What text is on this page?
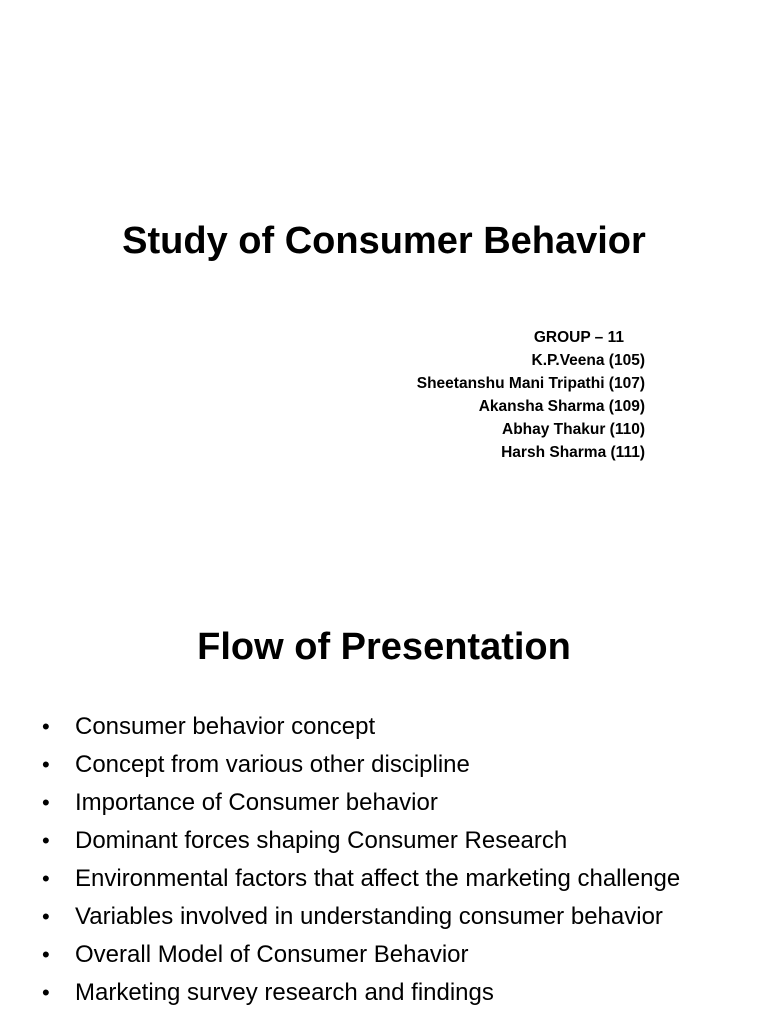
Study of Consumer Behavior
GROUP – 11
K.P.Veena (105)
Sheetanshu Mani Tripathi (107)
Akansha Sharma (109)
Abhay Thakur (110)
Harsh Sharma (111)
Flow of Presentation
•	Consumer behavior concept
•	Concept from various other discipline
•	Importance of Consumer behavior
•	Dominant forces shaping Consumer Research
•	Environmental factors that affect the marketing challenge
•	Variables involved in understanding consumer behavior
•	Overall Model of Consumer Behavior
•	Marketing survey research and findings
